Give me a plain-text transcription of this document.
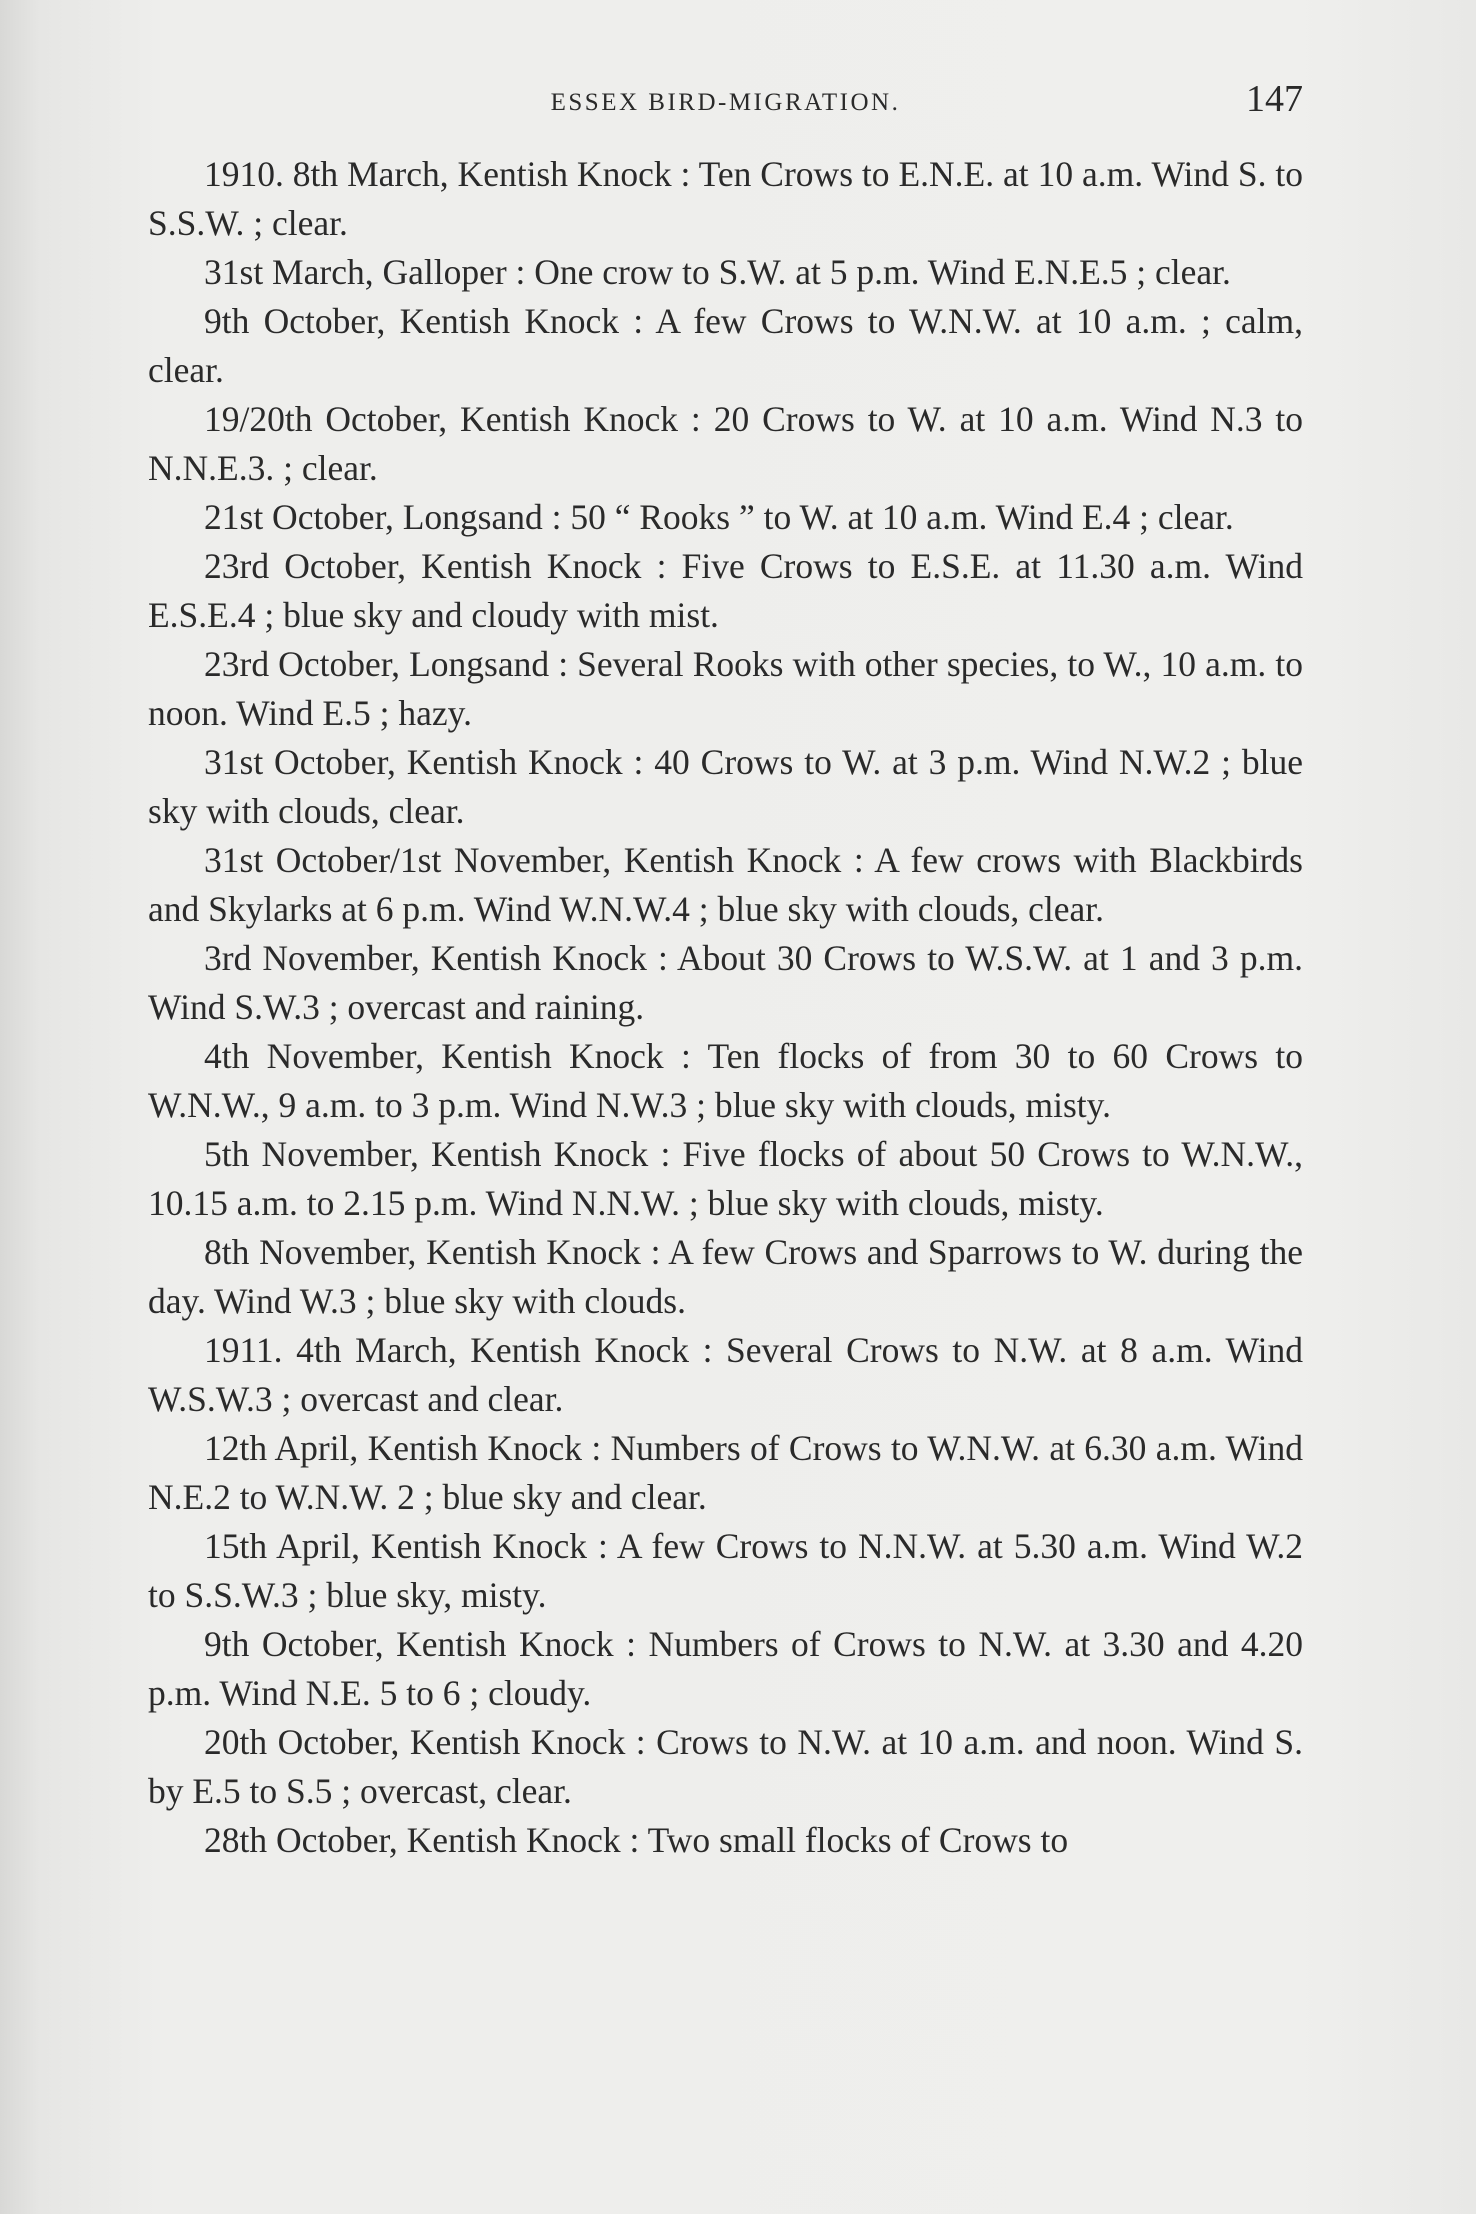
ESSEX BIRD-MIGRATION.	147

1910. 8th March, Kentish Knock : Ten Crows to E.N.E. at 10 a.m. Wind S. to S.S.W. ; clear.

31st March, Galloper : One crow to S.W. at 5 p.m. Wind E.N.E.5 ; clear.

9th October, Kentish Knock : A few Crows to W.N.W. at 10 a.m. ; calm, clear.

19/20th October, Kentish Knock : 20 Crows to W. at 10 a.m. Wind N.3 to N.N.E.3. ; clear.

21st October, Longsand : 50 “ Rooks ” to W. at 10 a.m. Wind E.4 ; clear.

23rd October, Kentish Knock : Five Crows to E.S.E. at 11.30 a.m. Wind E.S.E.4 ; blue sky and cloudy with mist.

23rd October, Longsand : Several Rooks with other species, to W., 10 a.m. to noon. Wind E.5 ; hazy.

31st October, Kentish Knock : 40 Crows to W. at 3 p.m. Wind N.W.2 ; blue sky with clouds, clear.

31st October/1st November, Kentish Knock : A few crows with Blackbirds and Skylarks at 6 p.m. Wind W.N.W.4 ; blue sky with clouds, clear.

3rd November, Kentish Knock : About 30 Crows to W.S.W. at 1 and 3 p.m. Wind S.W.3 ; overcast and raining.

4th November, Kentish Knock : Ten flocks of from 30 to 60 Crows to W.N.W., 9 a.m. to 3 p.m. Wind N.W.3 ; blue sky with clouds, misty.

5th November, Kentish Knock : Five flocks of about 50 Crows to W.N.W., 10.15 a.m. to 2.15 p.m. Wind N.N.W. ; blue sky with clouds, misty.

8th November, Kentish Knock : A few Crows and Sparrows to W. during the day. Wind W.3 ; blue sky with clouds.

1911. 4th March, Kentish Knock : Several Crows to N.W. at 8 a.m. Wind W.S.W.3 ; overcast and clear.

12th April, Kentish Knock : Numbers of Crows to W.N.W. at 6.30 a.m. Wind N.E.2 to W.N.W. 2 ; blue sky and clear.

15th April, Kentish Knock : A few Crows to N.N.W. at 5.30 a.m. Wind W.2 to S.S.W.3 ; blue sky, misty.

9th October, Kentish Knock : Numbers of Crows to N.W. at 3.30 and 4.20 p.m. Wind N.E. 5 to 6 ; cloudy.

20th October, Kentish Knock : Crows to N.W. at 10 a.m. and noon. Wind S. by E.5 to S.5 ; overcast, clear.

28th October, Kentish Knock : Two small flocks of Crows to
